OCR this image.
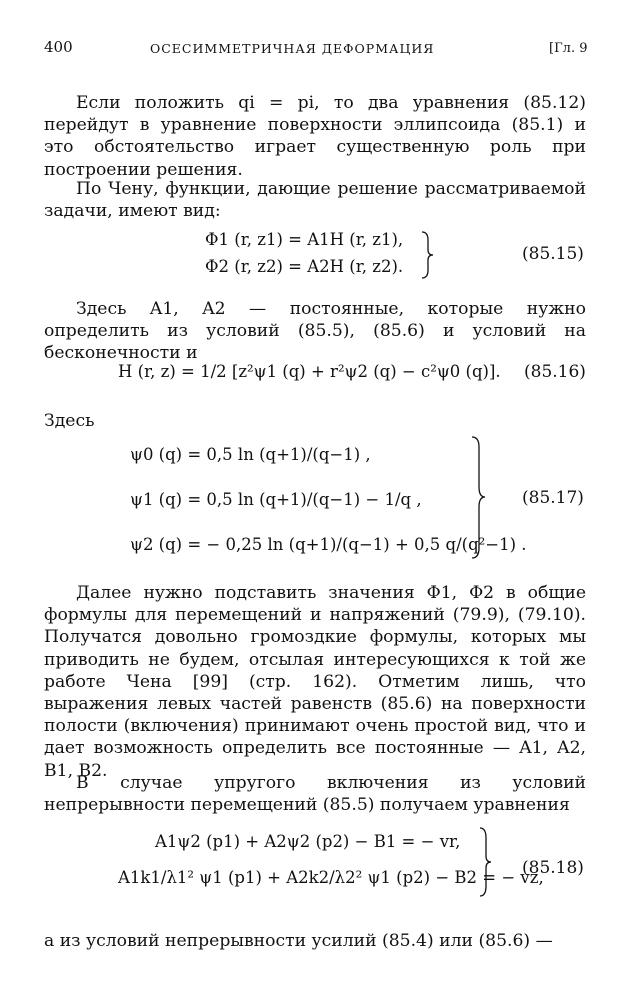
400	ОСЕСИММЕТРИЧНАЯ ДЕФОРМАЦИЯ	[Гл. 9

Если положить qi = pi, то два уравнения (85.12) перейдут в уравнение поверхности эллипсоида (85.1) и это обстоятельство играет существенную роль при построении решения.

По Чену, функции, дающие решение рассматриваемой задачи, имеют вид:

Φ1 (r, z1) = A1H (r, z1),
Φ2 (r, z2) = A2H (r, z2).
(85.15)

Здесь A1, A2 — постоянные, которые нужно определить из условий (85.5), (85.6) и условий на бесконечности и

H (r, z) = 1/2 [z²ψ1 (q) + r²ψ2 (q) − c²ψ0 (q)]. (85.16)

Здесь

ψ0 (q) = 0,5 ln (q+1)/(q−1) ,
ψ1 (q) = 0,5 ln (q+1)/(q−1) − 1/q ,
ψ2 (q) = − 0,25 ln (q+1)/(q−1) + 0,5 q/(q²−1) .
(85.17)

Далее нужно подставить значения Φ1, Φ2 в общие формулы для перемещений и напряжений (79.9), (79.10). Получатся довольно громоздкие формулы, которых мы приводить не будем, отсылая интересующихся к той же работе Чена [99] (стр. 162). Отметим лишь, что выражения левых частей равенств (85.6) на поверхности полости (включения) принимают очень простой вид, что и дает возможность определить все постоянные — A1, A2, B1, B2.

В случае упругого включения из условий непрерывности перемещений (85.5) получаем уравнения

A1ψ2 (p1) + A2ψ2 (p2) − B1 = − vr,
A1k1/λ1² ψ1 (p1) + A2k2/λ2² ψ1 (p2) − B2 = − vz,
(85.18)

а из условий непрерывности усилий (85.4) или (85.6) —
